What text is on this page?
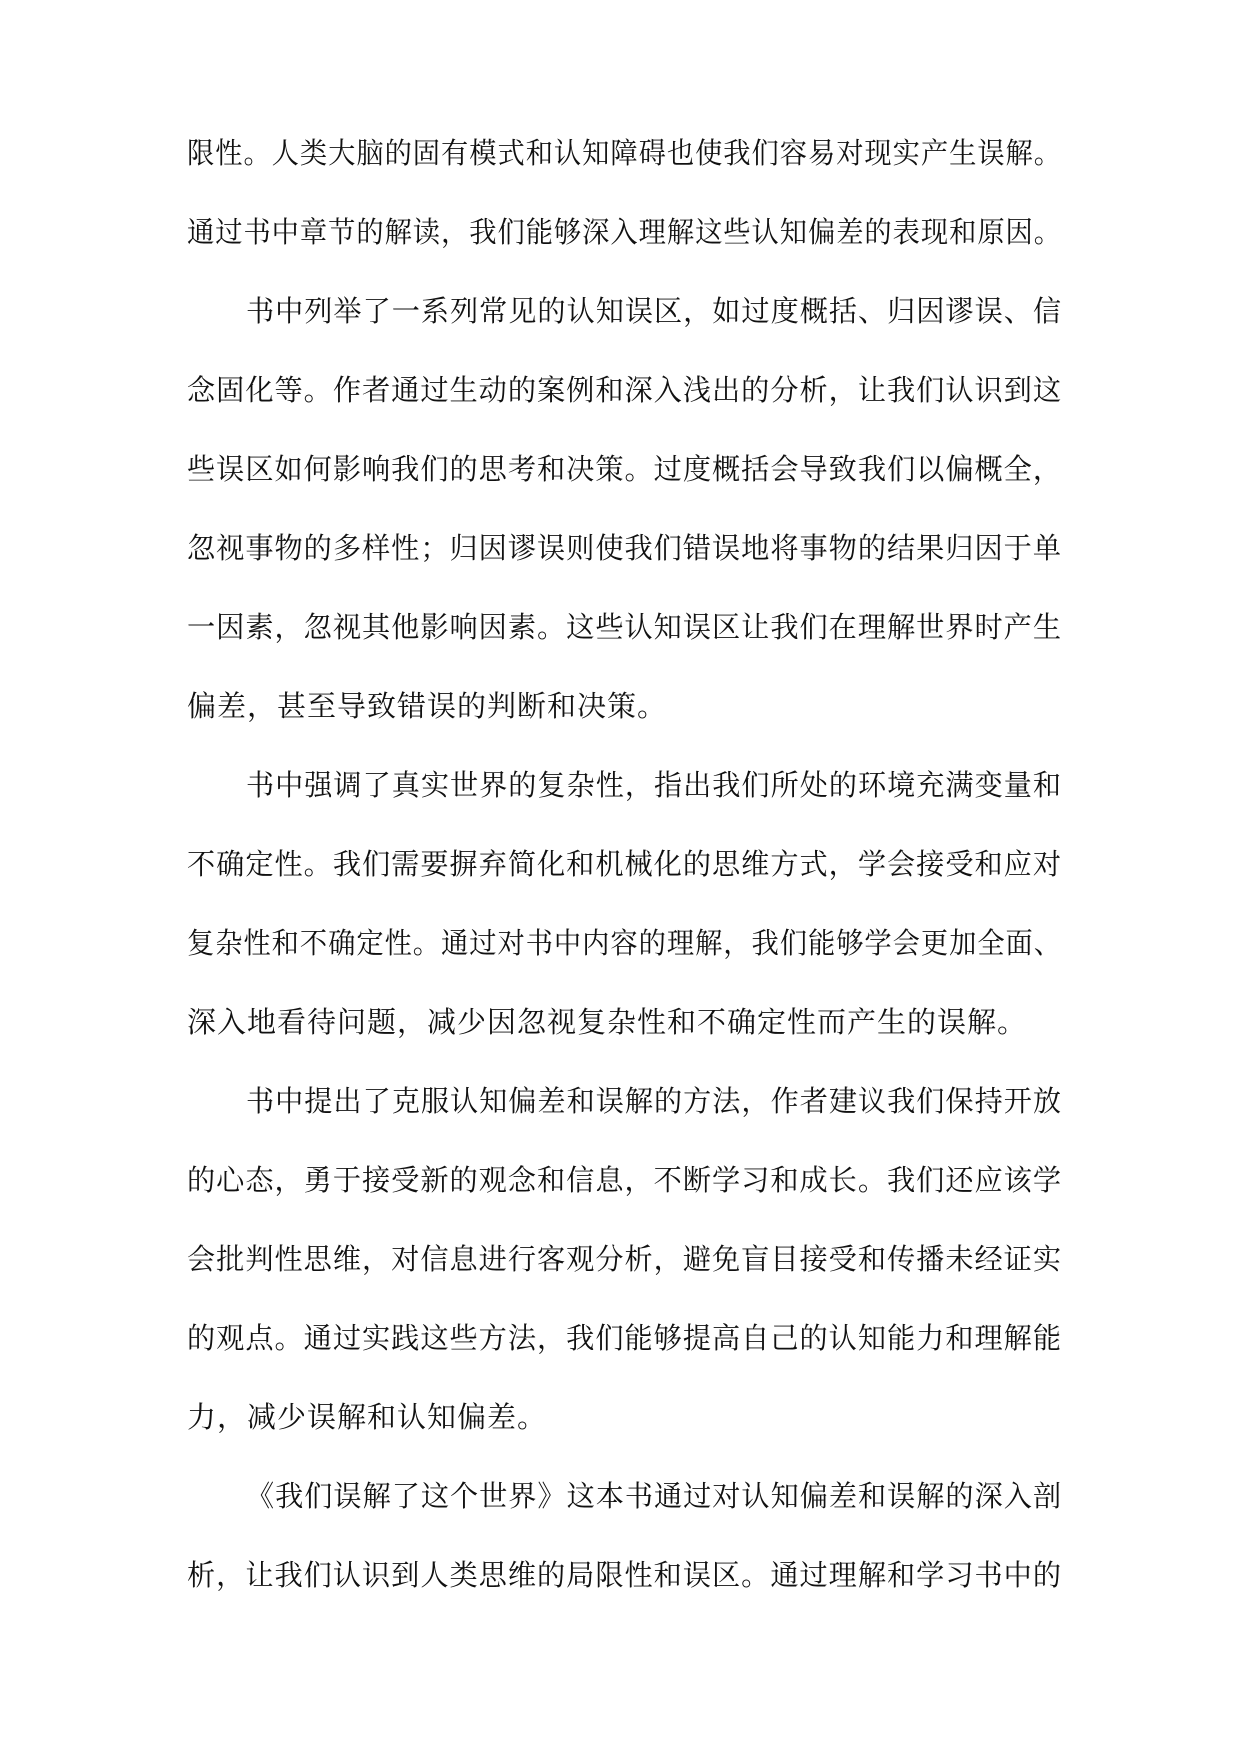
限性。人类大脑的固有模式和认知障碍也使我们容易对现实产生误解。
通过书中章节的解读，我们能够深入理解这些认知偏差的表现和原因。
书中列举了一系列常见的认知误区，如过度概括、归因谬误、信
念固化等。作者通过生动的案例和深入浅出的分析，让我们认识到这
些误区如何影响我们的思考和决策。过度概括会导致我们以偏概全，
忽视事物的多样性；归因谬误则使我们错误地将事物的结果归因于单
一因素，忽视其他影响因素。这些认知误区让我们在理解世界时产生
偏差，甚至导致错误的判断和决策。
书中强调了真实世界的复杂性，指出我们所处的环境充满变量和
不确定性。我们需要摒弃简化和机械化的思维方式，学会接受和应对
复杂性和不确定性。通过对书中内容的理解，我们能够学会更加全面、
深入地看待问题，减少因忽视复杂性和不确定性而产生的误解。
书中提出了克服认知偏差和误解的方法，作者建议我们保持开放
的心态，勇于接受新的观念和信息，不断学习和成长。我们还应该学
会批判性思维，对信息进行客观分析，避免盲目接受和传播未经证实
的观点。通过实践这些方法，我们能够提高自己的认知能力和理解能
力，减少误解和认知偏差。
《我们误解了这个世界》这本书通过对认知偏差和误解的深入剖
析，让我们认识到人类思维的局限性和误区。通过理解和学习书中的
